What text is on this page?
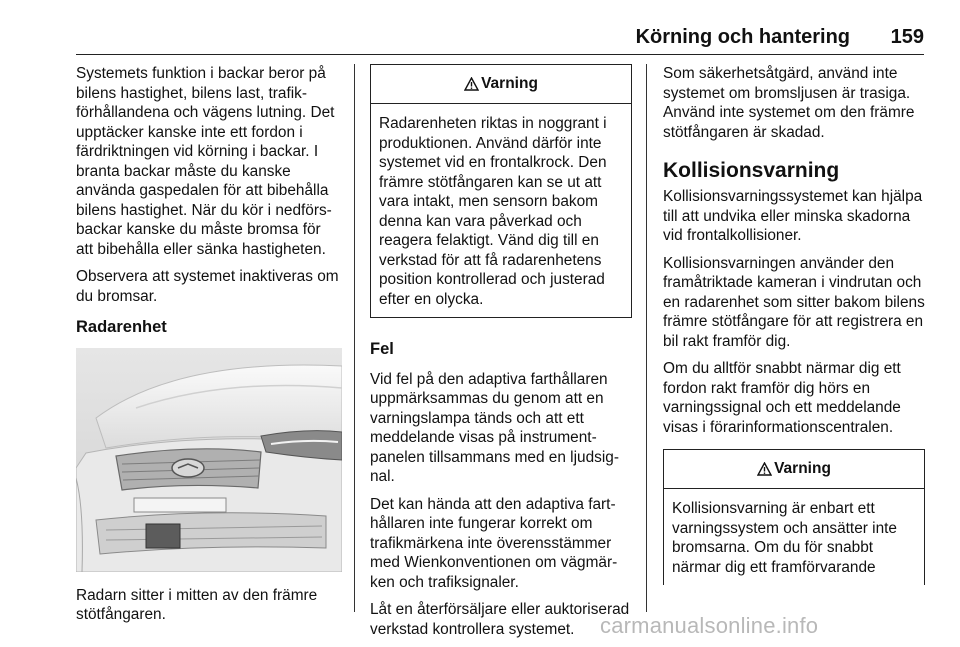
Körning och hantering 159

Systemets funktion i backar beror på bilens hastighet, bilens last, trafikförhållandena och vägens lutning. Det upptäcker kanske inte ett fordon i färdriktningen vid körning i backar. I branta backar måste du kanske använda gaspedalen för att bibehålla bilens hastighet. När du kör i nedförsbackar kanske du måste bromsa för att bibehålla eller sänka hastigheten.

Observera att systemet inaktiveras om du bromsar.

Radarenhet

Radarn sitter i mitten av den främre stötfångaren.

Varning
Radarenheten riktas in noggrant i produktionen. Använd därför inte systemet vid en frontalkrock. Den främre stötfångaren kan se ut att vara intakt, men sensorn bakom denna kan vara påverkad och reagera felaktigt. Vänd dig till en verkstad för att få radarenhetens position kontrollerad och justerad efter en olycka.
Fel

Vid fel på den adaptiva farthållaren uppmärksammas du genom att en varningslampa tänds och att ett meddelande visas på instrumentpanelen tillsammans med en ljudsignal.

Det kan hända att den adaptiva farthållaren inte fungerar korrekt om trafikmärkena inte överensstämmer med Wienkonventionen om vägmärken och trafiksignaler.

Låt en återförsäljare eller auktoriserad verkstad kontrollera systemet.

Som säkerhetsåtgärd, använd inte systemet om bromsljusen är trasiga. Använd inte systemet om den främre stötfångaren är skadad.

Kollisionsvarning

Kollisionsvarningssystemet kan hjälpa till att undvika eller minska skadorna vid frontalkollisioner.

Kollisionsvarningen använder den framåtriktade kameran i vindrutan och en radarenhet som sitter bakom bilens främre stötfångare för att registrera en bil rakt framför dig.

Om du alltför snabbt närmar dig ett fordon rakt framför dig hörs en varningssignal och ett meddelande visas i förarinformationscentralen.

Varning
Kollisionsvarning är enbart ett varningssystem och ansätter inte bromsarna. Om du för snabbt närmar dig ett framförvarande
carmanualsonline.info
